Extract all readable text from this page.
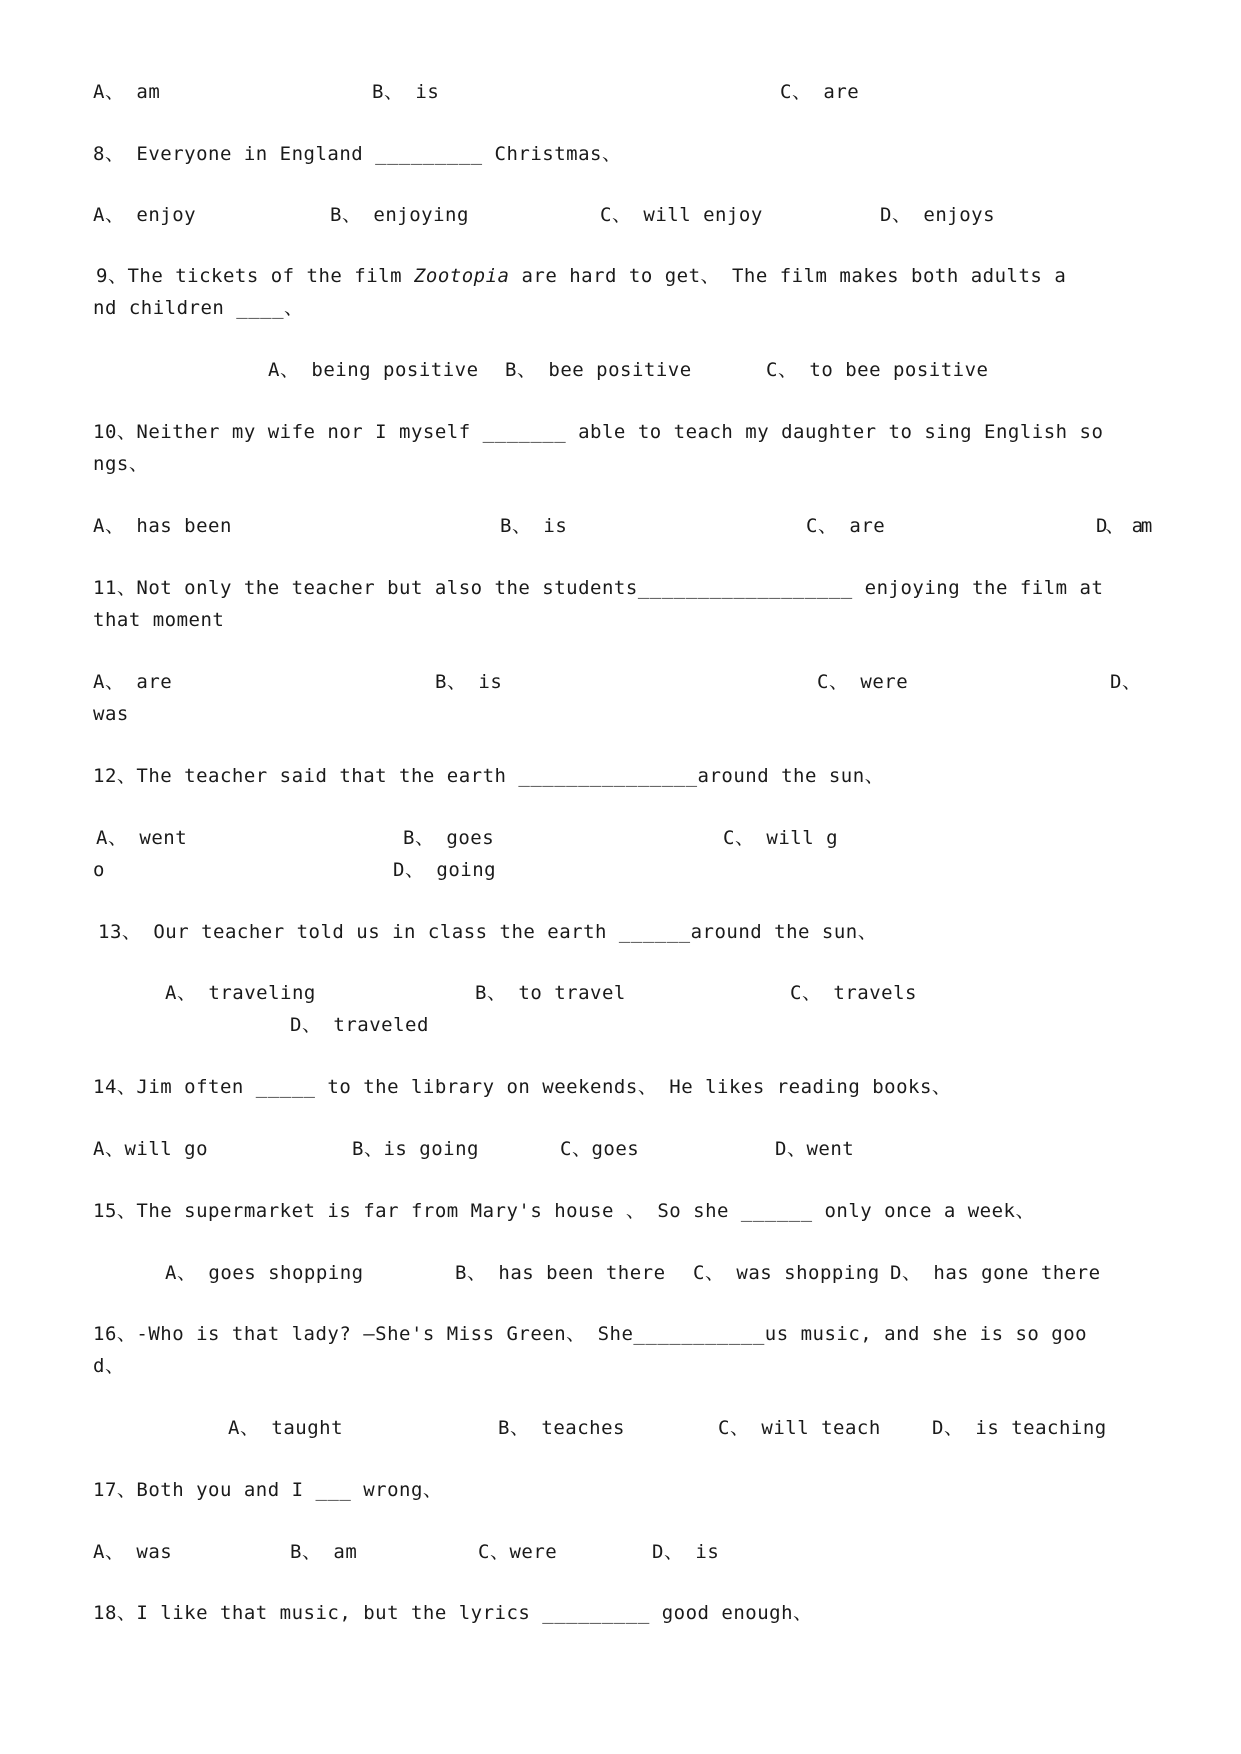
A、 am	B、 is	C、 are
8、 Everyone in England _________ Christmas、
A、 enjoy	B、 enjoying	C、 will enjoy	D、 enjoys
9、The tickets of the film Zootopia are hard to get、 The film makes both adults a
nd children ____、
A、 being positive B、 bee positive	C、 to bee positive
10、Neither my wife nor I myself _______ able to teach my daughter to sing English so
ngs、
A、 has been	B、 is	C、 are	D、 am
11、Not only the teacher but also the students__________________ enjoying the film at
that moment
A、 are	B、 is	C、 were	D、
was
12、The teacher said that the earth _______________around the sun、
A、 went	B、 goes	C、 will g
o	D、 going
13、 Our teacher told us in class the earth ______around the sun、
A、 traveling	B、 to travel	C、 travels
D、 traveled
14、Jim often _____ to the library on weekends、 He likes reading books、
A、will go	B、is going	C、goes	D、went
15、The supermarket is far from Mary's house 、 So she ______ only once a week、
A、 goes shopping	B、 has been there C、 was shopping D、 has gone there
16、-Who is that lady? —She's Miss Green、 She___________us music, and she is so goo
d、
A、 taught	B、 teaches	C、 will teach	D、 is teaching
17、Both you and I ___ wrong、
A、 was	B、 am	C、were	D、 is
18、I like that music, but the lyrics _________ good enough、
